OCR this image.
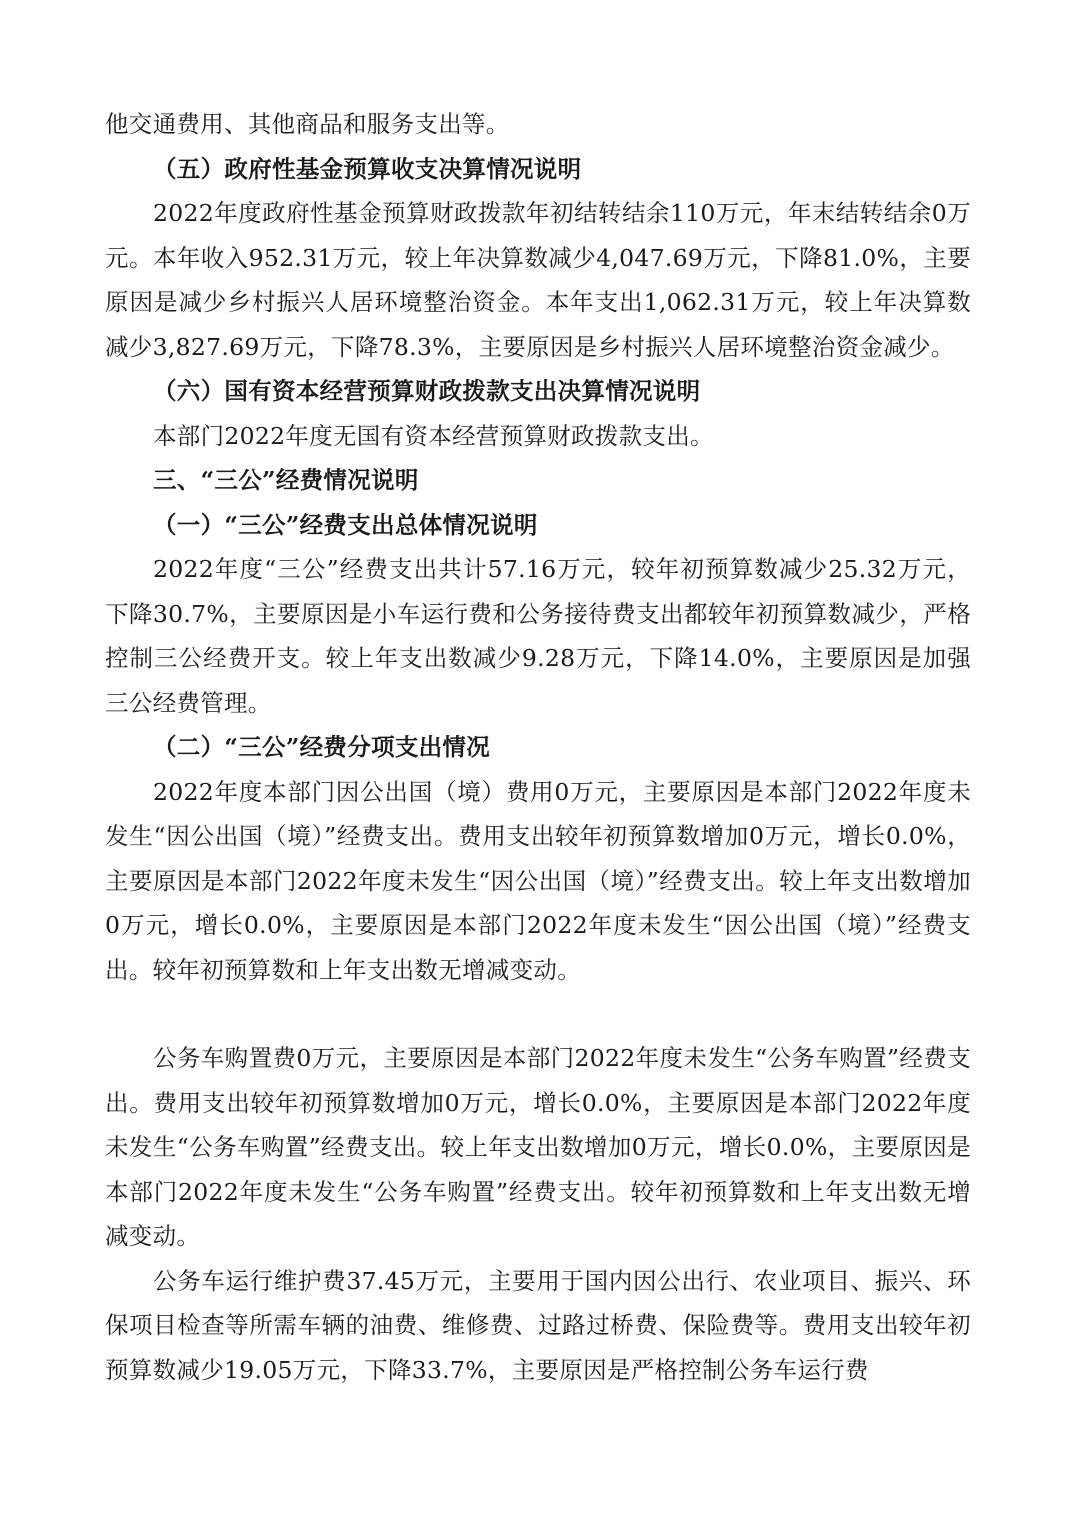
他交通费用、其他商品和服务支出等。

（五）政府性基金预算收支决算情况说明

2022年度政府性基金预算财政拨款年初结转结余110万元，年末结转结余0万元。本年收入952.31万元，较上年决算数减少4,047.69万元，下降81.0%，主要原因是减少乡村振兴人居环境整治资金。本年支出1,062.31万元，较上年决算数减少3,827.69万元，下降78.3%，主要原因是乡村振兴人居环境整治资金减少。

（六）国有资本经营预算财政拨款支出决算情况说明

本部门2022年度无国有资本经营预算财政拨款支出。

三、“三公”经费情况说明

（一）“三公”经费支出总体情况说明

2022年度“三公”经费支出共计57.16万元，较年初预算数减少25.32万元，下降30.7%，主要原因是小车运行费和公务接待费支出都较年初预算数减少，严格控制三公经费开支。较上年支出数减少9.28万元，下降14.0%，主要原因是加强三公经费管理。

（二）“三公”经费分项支出情况

2022年度本部门因公出国（境）费用0万元，主要原因是本部门2022年度未发生“因公出国（境）”经费支出。费用支出较年初预算数增加0万元，增长0.0%，主要原因是本部门2022年度未发生“因公出国（境）”经费支出。较上年支出数增加0万元，增长0.0%，主要原因是本部门2022年度未发生“因公出国（境）”经费支出。较年初预算数和上年支出数无增减变动。

公务车购置费0万元，主要原因是本部门2022年度未发生“公务车购置”经费支出。费用支出较年初预算数增加0万元，增长0.0%，主要原因是本部门2022年度未发生“公务车购置”经费支出。较上年支出数增加0万元，增长0.0%，主要原因是本部门2022年度未发生“公务车购置”经费支出。较年初预算数和上年支出数无增减变动。

公务车运行维护费37.45万元，主要用于国内因公出行、农业项目、振兴、环保项目检查等所需车辆的油费、维修费、过路过桥费、保险费等。费用支出较年初预算数减少19.05万元，下降33.7%，主要原因是严格控制公务车运行费
